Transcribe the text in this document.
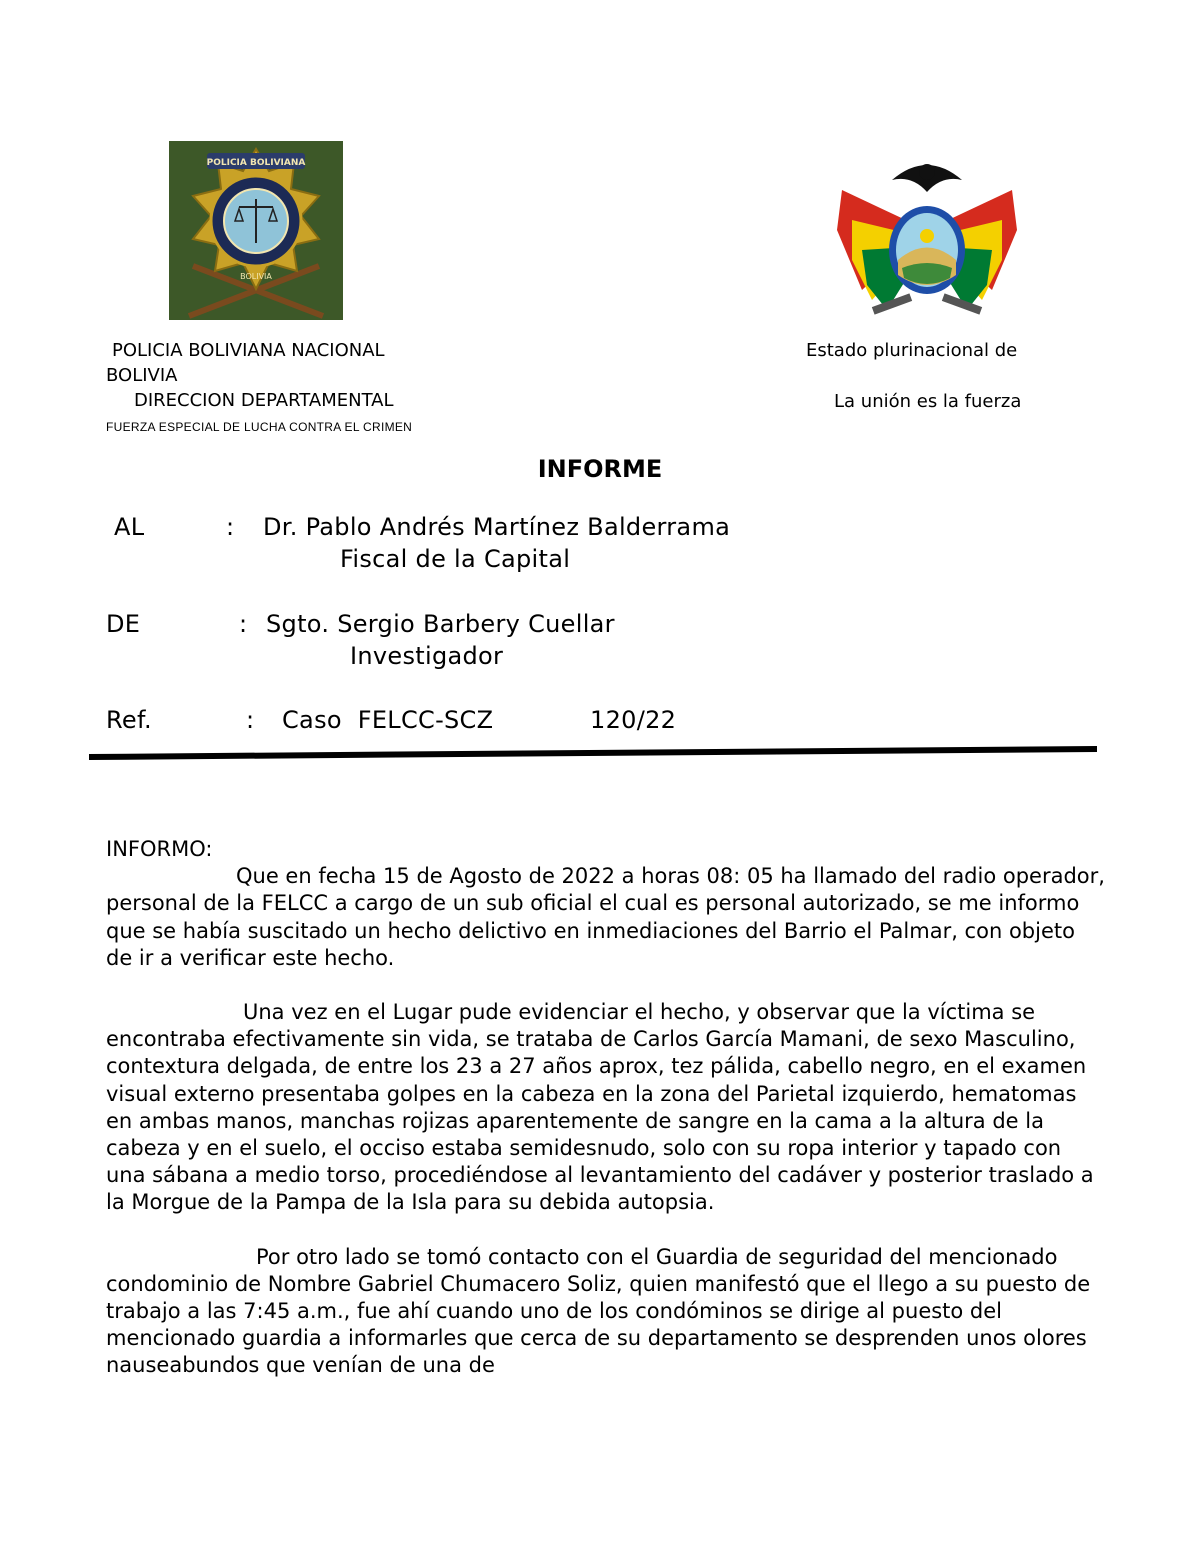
POLICIA BOLIVIANA
BOLIVIA
POLICIA BOLIVIANA NACIONAL
BOLIVIA
DIRECCION DEPARTAMENTAL
FUERZA ESPECIAL DE LUCHA CONTRA EL CRIMEN
Estado plurinacional de
La unión es la fuerza
INFORME
AL	: Dr. Pablo Andrés Martínez Balderrama
Fiscal de la Capital
DE	: Sgto. Sergio Barbery Cuellar
Investigador
Ref.	: Caso  FELCC-SCZ	120/22

INFORMO:

Que en fecha 15 de Agosto de 2022 a horas 08: 05 ha llamado del radio operador, personal de la FELCC a cargo de un sub oficial el cual es personal autorizado, se me informo que se había suscitado un hecho delictivo en inmediaciones del Barrio el Palmar, con objeto de ir a verificar este hecho.

Una vez en el Lugar pude evidenciar el hecho, y observar que la víctima se encontraba efectivamente sin vida, se trataba de Carlos García Mamani, de sexo Masculino, contextura delgada, de entre los 23 a 27 años aprox, tez pálida, cabello negro, en el examen visual externo presentaba golpes en la cabeza en la zona del Parietal izquierdo, hematomas en ambas manos, manchas rojizas aparentemente de sangre en la cama a la altura de la cabeza y en el suelo, el occiso estaba semidesnudo, solo con su ropa interior y tapado con una sábana a medio torso, procediéndose al levantamiento del cadáver y posterior traslado a la Morgue de la Pampa de la Isla para su debida autopsia.

Por otro lado se tomó contacto con el Guardia de seguridad del mencionado condominio de Nombre Gabriel Chumacero Soliz, quien manifestó que el llego a su puesto de trabajo a las 7:45 a.m., fue ahí cuando uno de los condóminos se dirige al puesto del mencionado guardia a informarles que cerca de su departamento se desprenden unos olores nauseabundos que venían de una de
